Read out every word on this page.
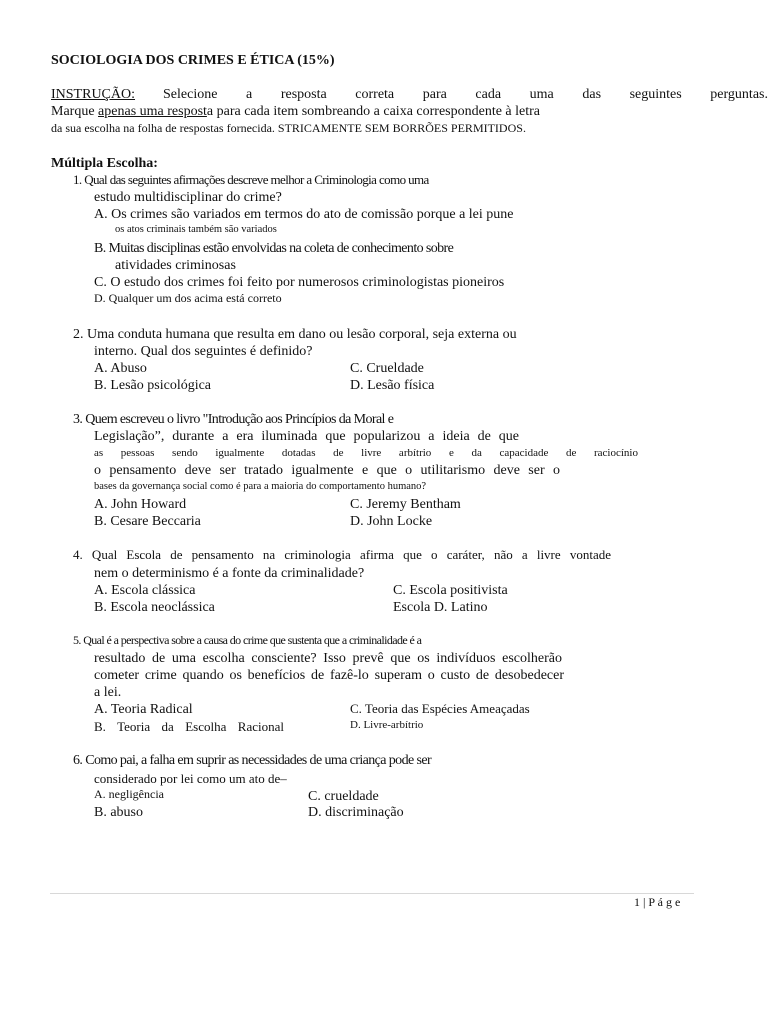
SOCIOLOGIA DOS CRIMES E ÉTICA (15%)
INSTRUÇÃO: Selecione a resposta correta para cada uma das seguintes perguntas.
Marque apenas uma resposta para cada item sombreando a caixa correspondente à letra
da sua escolha na folha de respostas fornecida. STRICAMENTE SEM BORRÕES PERMITIDOS.
Múltipla Escolha:
1. Qual das seguintes afirmações descreve melhor a Criminologia como uma
estudo multidisciplinar do crime?
A. Os crimes são variados em termos do ato de comissão porque a lei pune
os atos criminais também são variados
B. Muitas disciplinas estão envolvidas na coleta de conhecimento sobre
atividades criminosas
C. O estudo dos crimes foi feito por numerosos criminologistas pioneiros
D. Qualquer um dos acima está correto
2. Uma conduta humana que resulta em dano ou lesão corporal, seja externa ou
interno. Qual dos seguintes é definido?
A. Abuso
B. Lesão psicológica
C. Crueldade
D. Lesão física
3. Quem escreveu o livro "Introdução aos Princípios da Moral e
Legislação”, durante a era iluminada que popularizou a ideia de que
as pessoas sendo igualmente dotadas de livre arbítrio e da capacidade de raciocínio
o pensamento deve ser tratado igualmente e que o utilitarismo deve ser o
bases da governança social como é para a maioria do comportamento humano?
A. John Howard
B. Cesare Beccaria
C. Jeremy Bentham
D. John Locke
4. Qual Escola de pensamento na criminologia afirma que o caráter, não a livre vontade
nem o determinismo é a fonte da criminalidade?
A. Escola clássica
B. Escola neoclássica
C. Escola positivista
Escola D. Latino
5. Qual é a perspectiva sobre a causa do crime que sustenta que a criminalidade é a
resultado de uma escolha consciente? Isso prevê que os indivíduos escolherão
cometer crime quando os benefícios de fazê-lo superam o custo de desobedecer
a lei.
A. Teoria Radical
B. Teoria da Escolha Racional
C. Teoria das Espécies Ameaçadas
D. Livre-arbítrio
6. Como pai, a falha em suprir as necessidades de uma criança pode ser
considerado por lei como um ato de–
A. negligência
B. abuso
C. crueldade
D. discriminação
1 | P á g e
